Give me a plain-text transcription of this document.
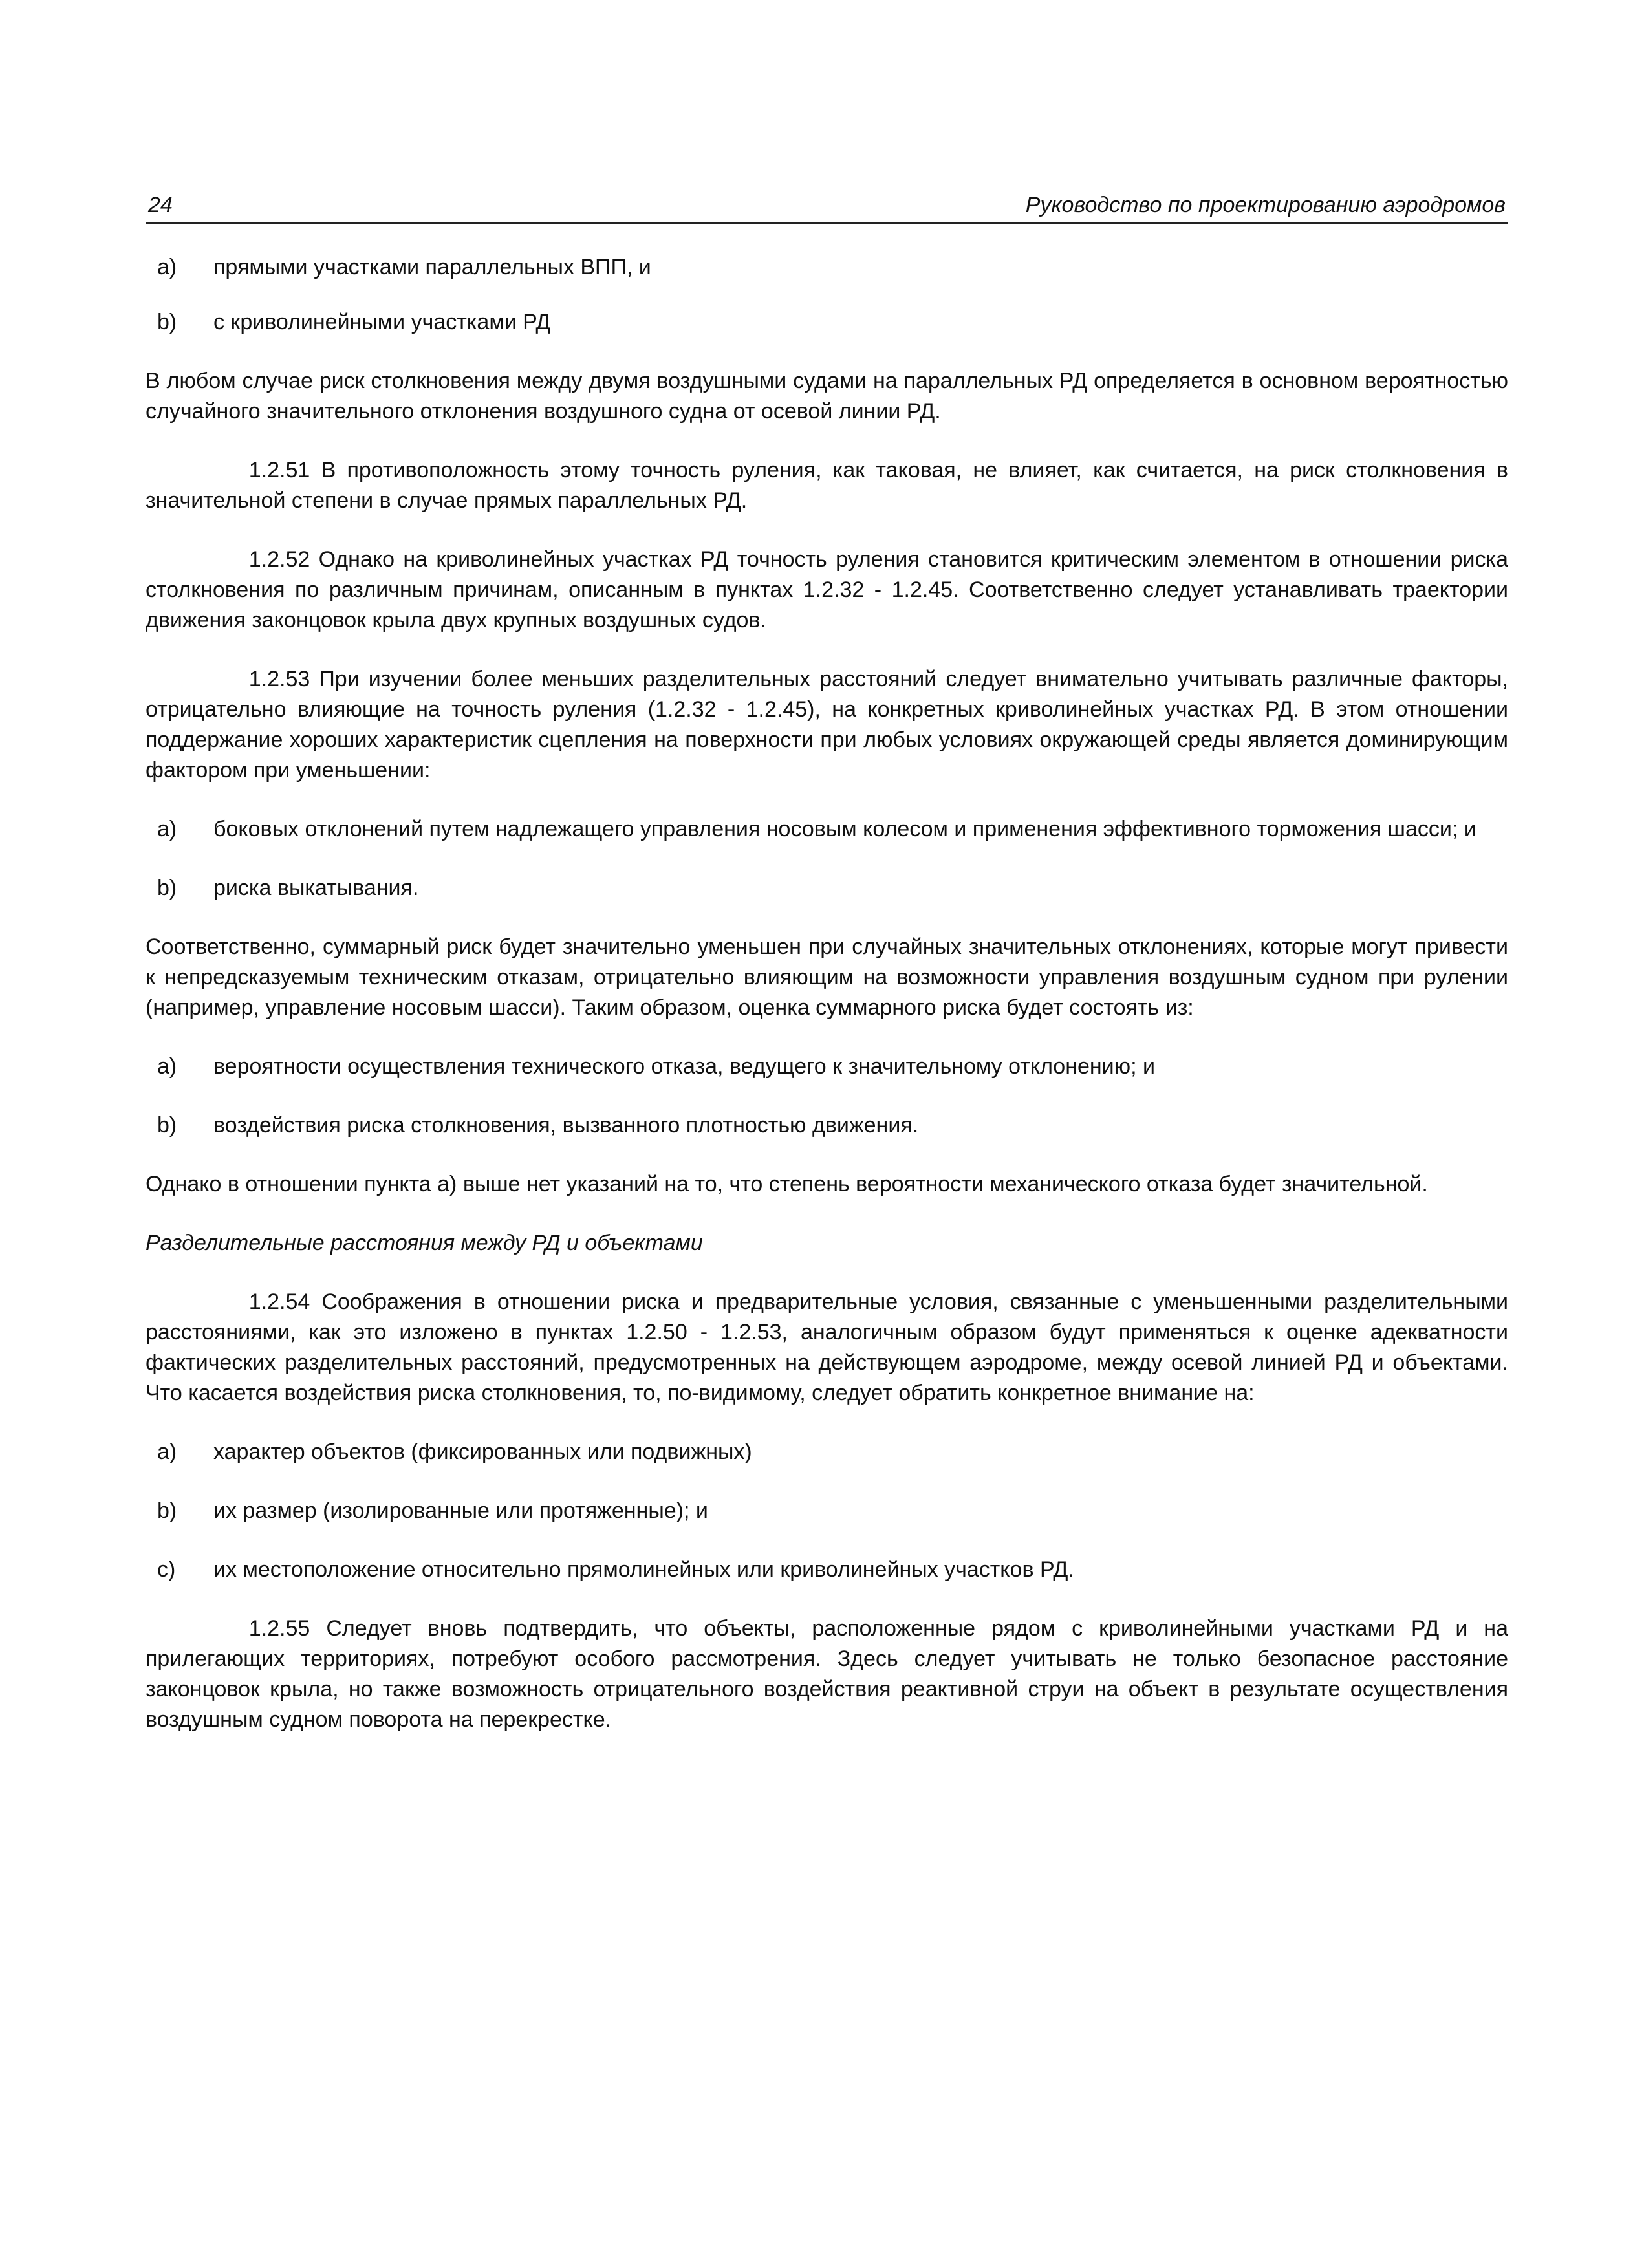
24	Руководство по проектированию аэродромов

a) прямыми участками параллельных ВПП, и

b) с криволинейными участками РД

В любом случае риск столкновения между двумя воздушными судами на параллельных РД определяется в основном вероятностью случайного значительного отклонения воздушного судна от осевой линии РД.

1.2.51 В противоположность этому точность руления, как таковая, не влияет, как считается, на риск столкновения в значительной степени в случае прямых параллельных РД.

1.2.52 Однако на криволинейных участках РД точность руления становится критическим элементом в отношении риска столкновения по различным причинам, описанным в пунктах 1.2.32 - 1.2.45. Соответственно следует устанавливать траектории движения законцовок крыла двух крупных воздушных судов.

1.2.53 При изучении более меньших разделительных расстояний следует внимательно учитывать различные факторы, отрицательно влияющие на точность руления (1.2.32 - 1.2.45), на конкретных криволинейных участках РД. В этом отношении поддержание хороших характеристик сцепления на поверхности при любых условиях окружающей среды является доминирующим фактором при уменьшении:

a) боковых отклонений путем надлежащего управления носовым колесом и применения эффективного торможения шасси; и

b) риска выкатывания.

Соответственно, суммарный риск будет значительно уменьшен при случайных значительных отклонениях, которые могут привести к непредсказуемым техническим отказам, отрицательно влияющим на возможности управления воздушным судном при рулении (например, управление носовым шасси). Таким образом, оценка суммарного риска будет состоять из:

a) вероятности осуществления технического отказа, ведущего к значительному отклонению; и

b) воздействия риска столкновения, вызванного плотностью движения.

Однако в отношении пункта a) выше нет указаний на то, что степень вероятности механического отказа будет значительной.

Разделительные расстояния между РД и объектами

1.2.54 Соображения в отношении риска и предварительные условия, связанные с уменьшенными разделительными расстояниями, как это изложено в пунктах 1.2.50 - 1.2.53, аналогичным образом будут применяться к оценке адекватности фактических разделительных расстояний, предусмотренных на действующем аэродроме, между осевой линией РД и объектами. Что касается воздействия риска столкновения, то, по-видимому, следует обратить конкретное внимание на:

a) характер объектов (фиксированных или подвижных)

b) их размер (изолированные или протяженные); и

c) их местоположение относительно прямолинейных или криволинейных участков РД.

1.2.55 Следует вновь подтвердить, что объекты, расположенные рядом с криволинейными участками РД и на прилегающих территориях, потребуют особого рассмотрения. Здесь следует учитывать не только безопасное расстояние законцовок крыла, но также возможность отрицательного воздействия реактивной струи на объект в результате осуществления воздушным судном поворота на перекрестке.
